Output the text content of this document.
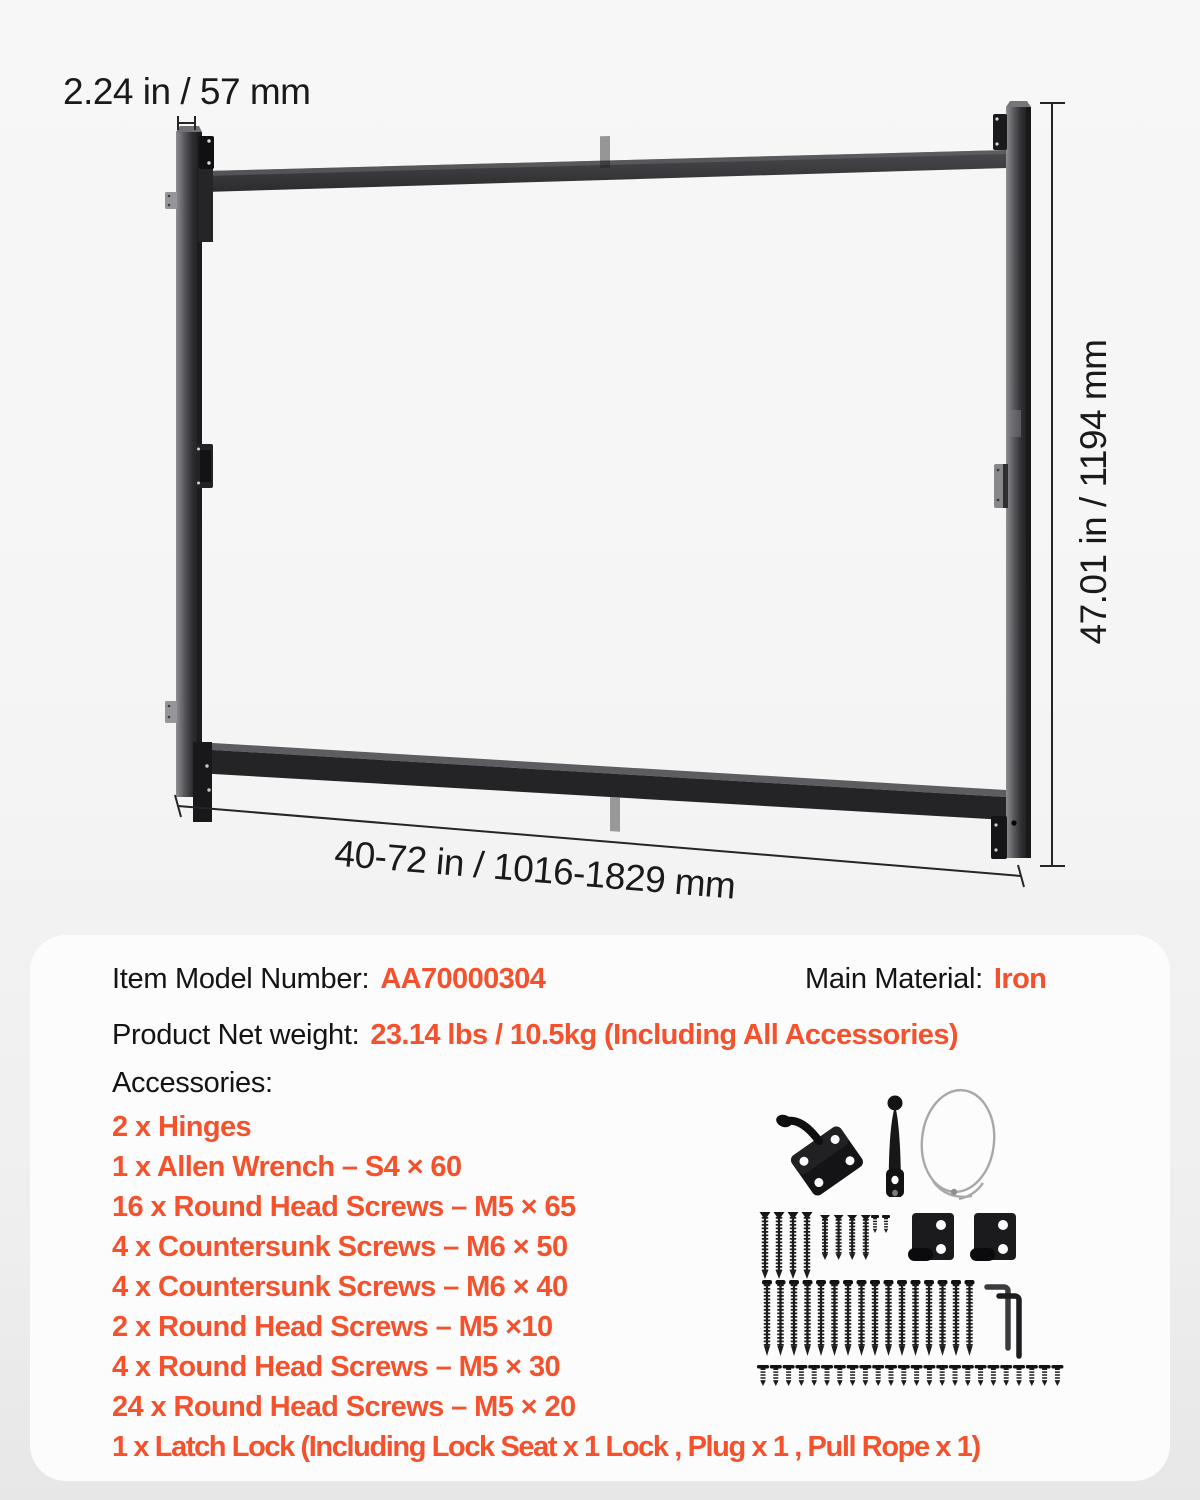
2.24 in / 57 mm
47.01 in / 1194 mm
40-72 in / 1016-1829 mm
Item Model Number: AA70000304	Main Material: Iron
Product Net weight: 23.14 lbs / 10.5kg (Including All Accessories)
Accessories:
2 x Hinges
1 x Allen Wrench – S4 × 60
16 x Round Head Screws – M5 × 65
4 x Countersunk Screws – M6 × 50
4 x Countersunk Screws – M6 × 40
2 x Round Head Screws – M5 ×10
4 x Round Head Screws – M5 × 30
24 x Round Head Screws – M5 × 20
1 x Latch Lock (Including Lock Seat x 1 Lock , Plug x 1 , Pull Rope x 1)
